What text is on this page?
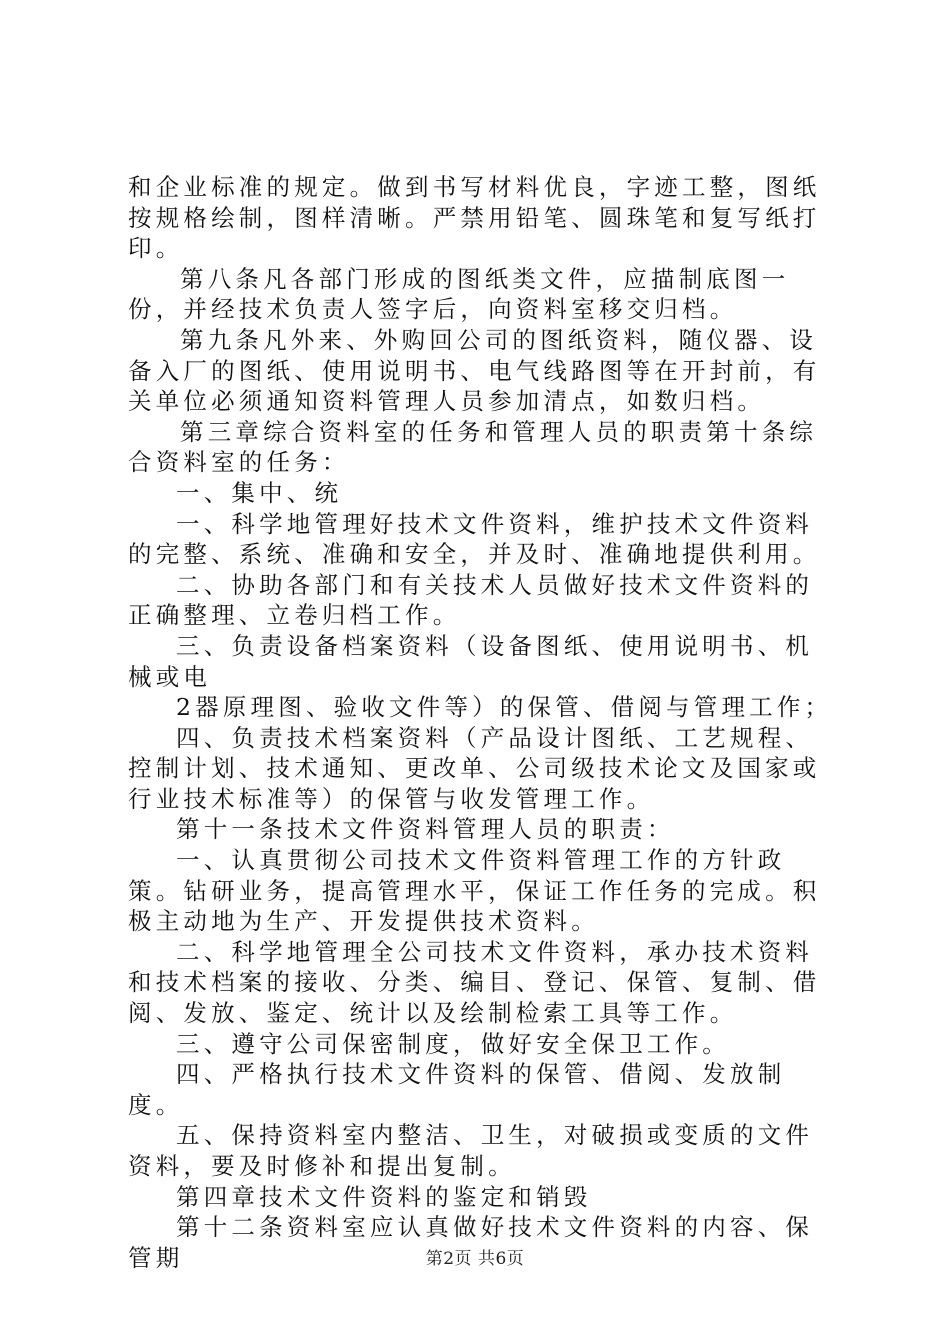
和企业标准的规定。做到书写材料优良，字迹工整，图纸按规格绘制，图样清晰。严禁用铅笔、圆珠笔和复写纸打印。

第八条凡各部门形成的图纸类文件，应描制底图一份，并经技术负责人签字后，向资料室移交归档。

第九条凡外来、外购回公司的图纸资料，随仪器、设备入厂的图纸、使用说明书、电气线路图等在开封前，有关单位必须通知资料管理人员参加清点，如数归档。

第三章综合资料室的任务和管理人员的职责第十条综合资料室的任务：

一、集中、统

一、科学地管理好技术文件资料，维护技术文件资料的完整、系统、准确和安全，并及时、准确地提供利用。

二、协助各部门和有关技术人员做好技术文件资料的正确整理、立卷归档工作。

三、负责设备档案资料（设备图纸、使用说明书、机械或电

2器原理图、验收文件等）的保管、借阅与管理工作；

四、负责技术档案资料（产品设计图纸、工艺规程、控制计划、技术通知、更改单、公司级技术论文及国家或行业技术标准等）的保管与收发管理工作。

第十一条技术文件资料管理人员的职责：

一、认真贯彻公司技术文件资料管理工作的方针政策。钻研业务，提高管理水平，保证工作任务的完成。积极主动地为生产、开发提供技术资料。

二、科学地管理全公司技术文件资料，承办技术资料和技术档案的接收、分类、编目、登记、保管、复制、借阅、发放、鉴定、统计以及绘制检索工具等工作。

三、遵守公司保密制度，做好安全保卫工作。

四、严格执行技术文件资料的保管、借阅、发放制度。

五、保持资料室内整洁、卫生，对破损或变质的文件资料，要及时修补和提出复制。

第四章技术文件资料的鉴定和销毁

第十二条资料室应认真做好技术文件资料的内容、保管期	第2页 共6页
